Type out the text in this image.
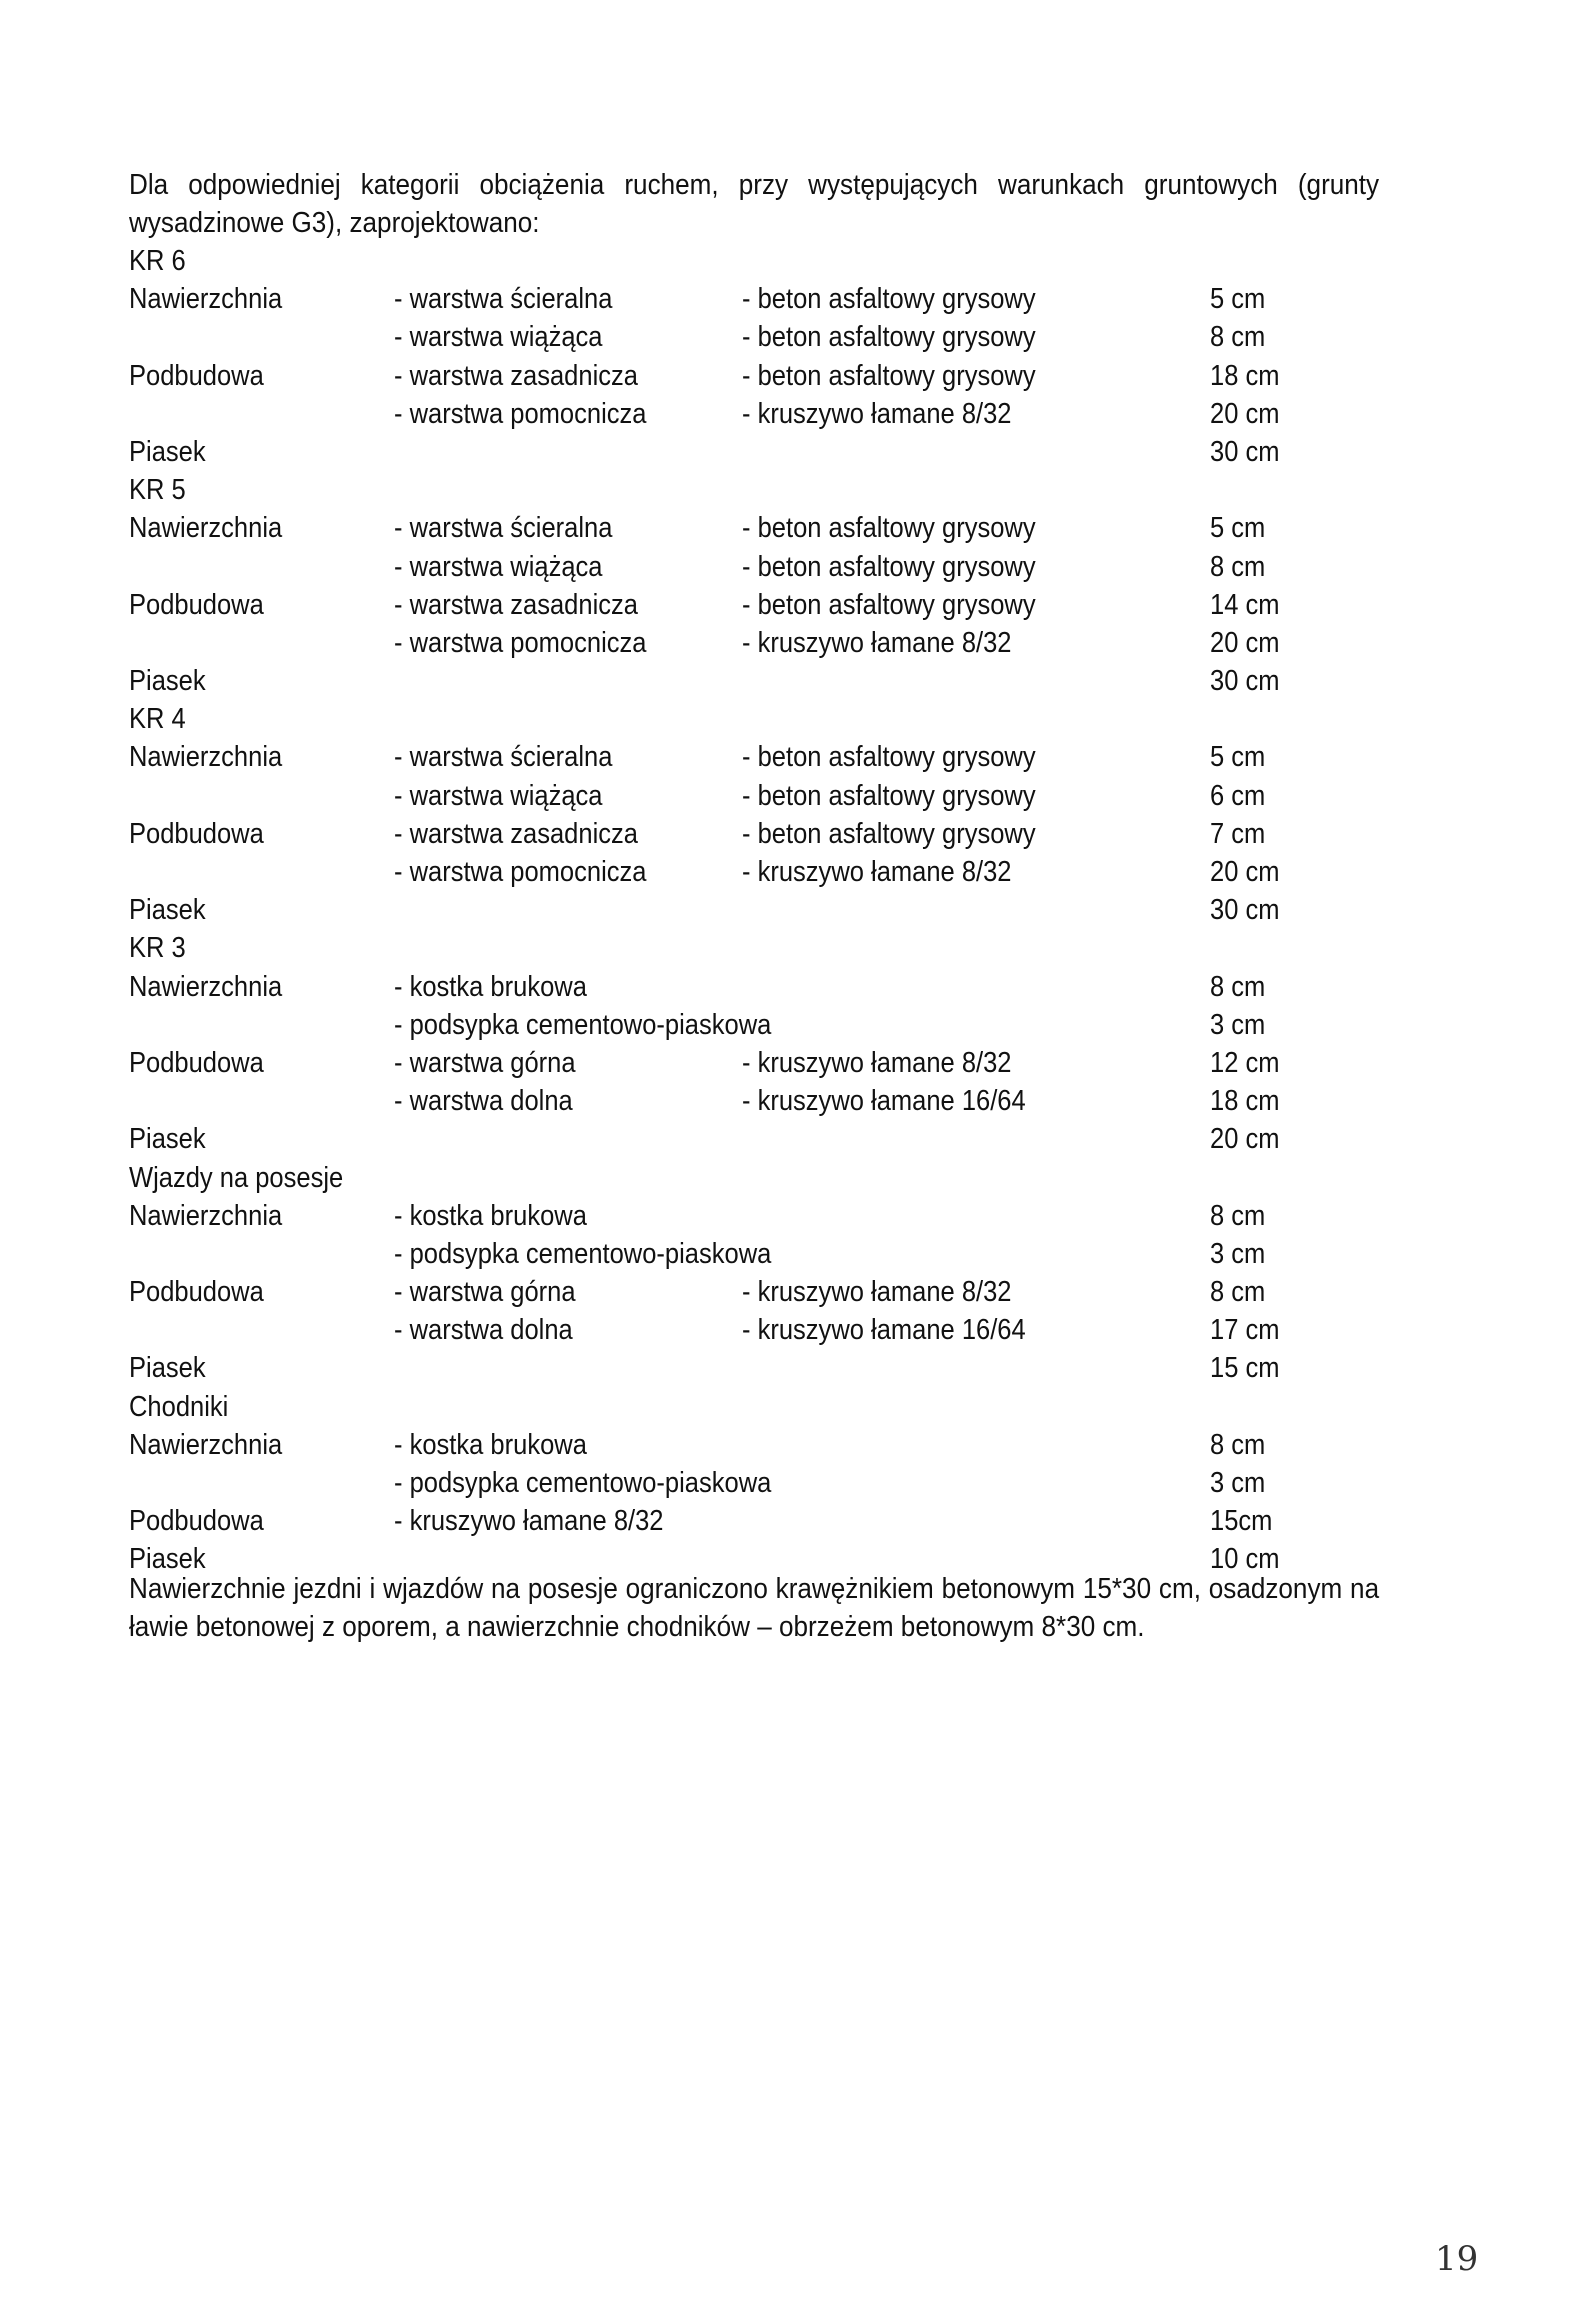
Dla odpowiedniej kategorii obciążenia ruchem, przy występujących warunkach gruntowych (grunty wysadzinowe G3), zaprojektowano:
KR 6
Nawierzchnia	- warstwa ścieralna	- beton asfaltowy grysowy	5 cm
- warstwa wiążąca	- beton asfaltowy grysowy	8 cm
Podbudowa	- warstwa zasadnicza	- beton asfaltowy grysowy	18 cm
- warstwa pomocnicza	- kruszywo łamane 8/32	20 cm
Piasek	30 cm
KR 5
Nawierzchnia	- warstwa ścieralna	- beton asfaltowy grysowy	5 cm
- warstwa wiążąca	- beton asfaltowy grysowy	8 cm
Podbudowa	- warstwa zasadnicza	- beton asfaltowy grysowy	14 cm
- warstwa pomocnicza	- kruszywo łamane 8/32	20 cm
Piasek	30 cm
KR 4
Nawierzchnia	- warstwa ścieralna	- beton asfaltowy grysowy	5 cm
- warstwa wiążąca	- beton asfaltowy grysowy	6 cm
Podbudowa	- warstwa zasadnicza	- beton asfaltowy grysowy	7 cm
- warstwa pomocnicza	- kruszywo łamane 8/32	20 cm
Piasek	30 cm
KR 3
Nawierzchnia	- kostka brukowa	8 cm
- podsypka cementowo-piaskowa	3 cm
Podbudowa	- warstwa górna	- kruszywo łamane 8/32	12 cm
- warstwa dolna	- kruszywo łamane 16/64	18 cm
Piasek	20 cm
Wjazdy na posesje
Nawierzchnia	- kostka brukowa	8 cm
- podsypka cementowo-piaskowa	3 cm
Podbudowa	- warstwa górna	- kruszywo łamane 8/32	8 cm
- warstwa dolna	- kruszywo łamane 16/64	17 cm
Piasek	15 cm
Chodniki
Nawierzchnia	- kostka brukowa	8 cm
- podsypka cementowo-piaskowa	3 cm
Podbudowa	- kruszywo łamane 8/32	15cm
Piasek	10 cm
Nawierzchnie jezdni i wjazdów na posesje ograniczono krawężnikiem betonowym 15*30 cm, osadzonym na ławie betonowej z oporem, a nawierzchnie chodników – obrzeżem betonowym 8*30 cm.
19
